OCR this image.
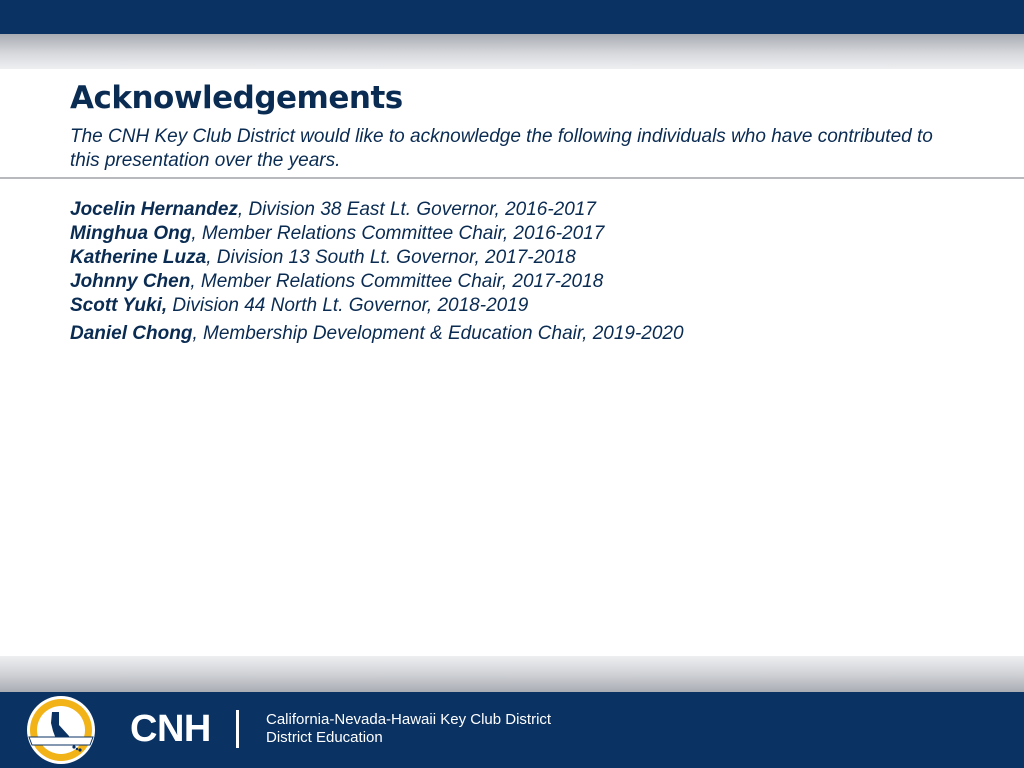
Acknowledgements

The CNH Key Club District would like to acknowledge the following individuals who have contributed to this presentation over the years.

Jocelin Hernandez, Division 38 East Lt. Governor, 2016-2017
Minghua Ong, Member Relations Committee Chair, 2016-2017
Katherine Luza, Division 13 South Lt. Governor, 2017-2018
Johnny Chen, Member Relations Committee Chair, 2017-2018
Scott Yuki, Division 44 North Lt. Governor, 2018-2019
Daniel Chong, Membership Development & Education Chair, 2019-2020
CNH	California-Nevada-Hawaii Key Club District
District Education
